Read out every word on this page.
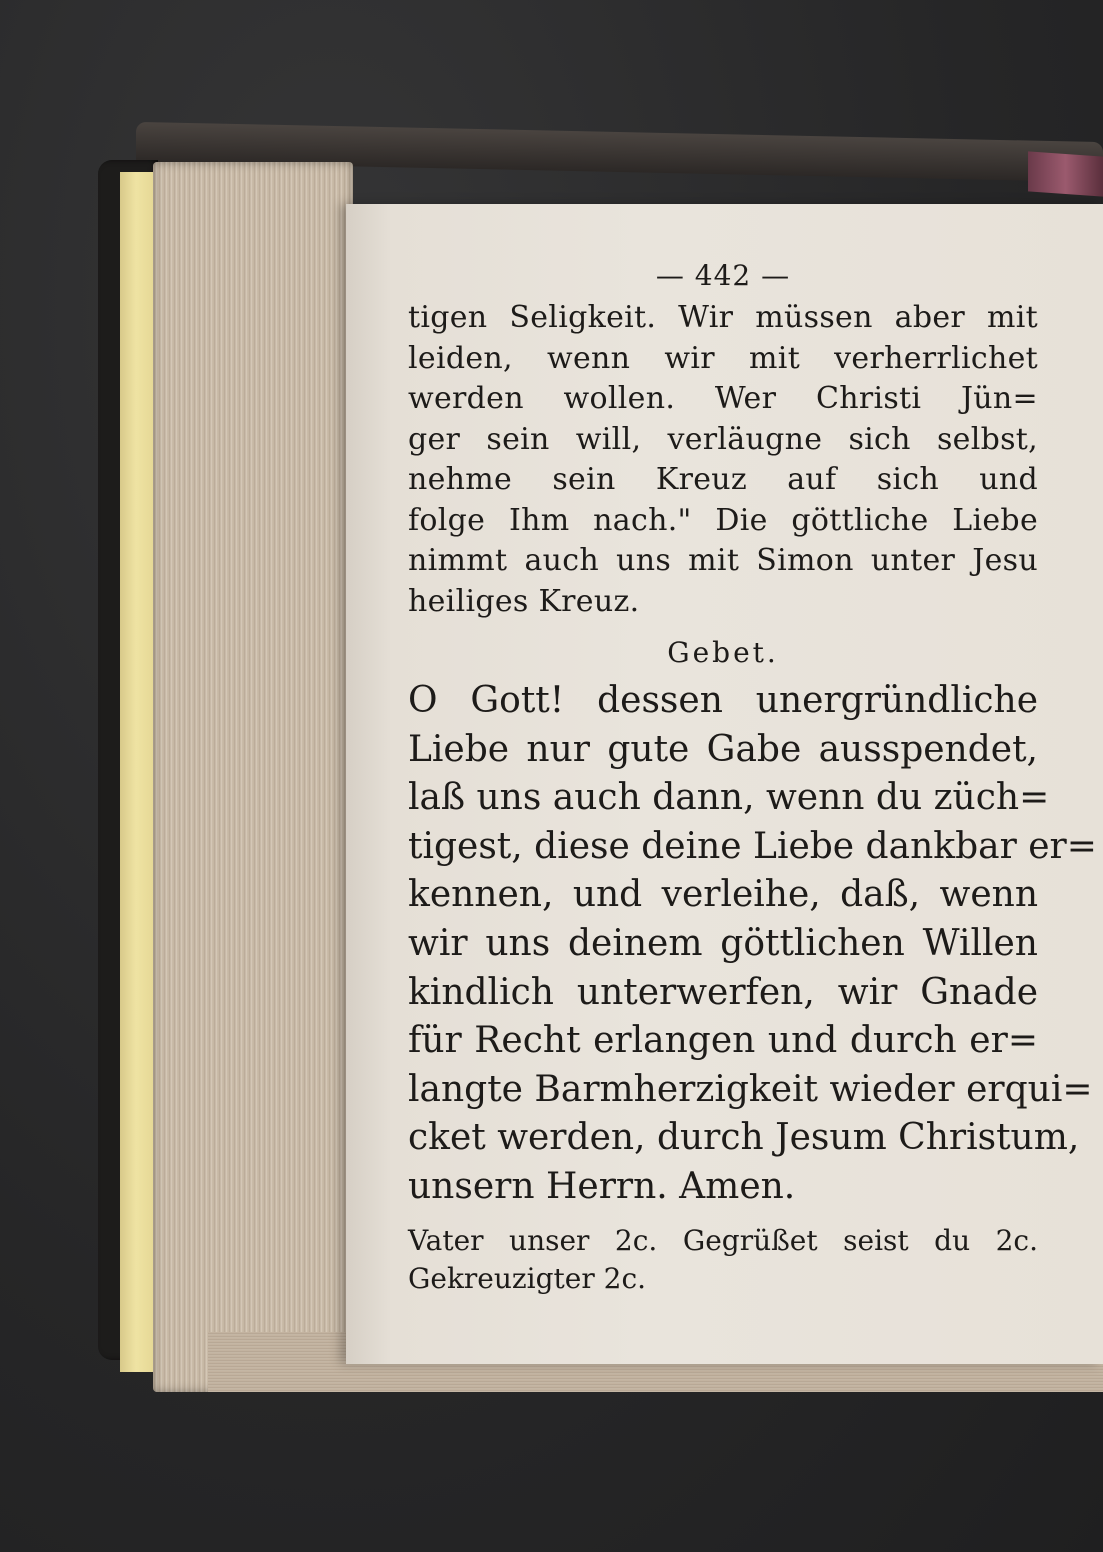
— 442 —
tigen Seligkeit. Wir müssen aber mit
leiden, wenn wir mit verherrlichet
werden wollen. Wer Christi Jün=
ger sein will, verläugne sich selbst,
nehme sein Kreuz auf sich und
folge Ihm nach." Die göttliche Liebe
nimmt auch uns mit Simon unter Jesu
heiliges Kreuz.
Gebet.
O Gott! dessen unergründliche
Liebe nur gute Gabe ausspendet,
laß uns auch dann, wenn du züch=
tigest, diese deine Liebe dankbar er=
kennen, und verleihe, daß, wenn
wir uns deinem göttlichen Willen
kindlich unterwerfen, wir Gnade
für Recht erlangen und durch er=
langte Barmherzigkeit wieder erqui=
cket werden, durch Jesum Christum,
unsern Herrn. Amen.
Vater unser 2c. Gegrüßet seist du 2c.
Gekreuzigter 2c.
